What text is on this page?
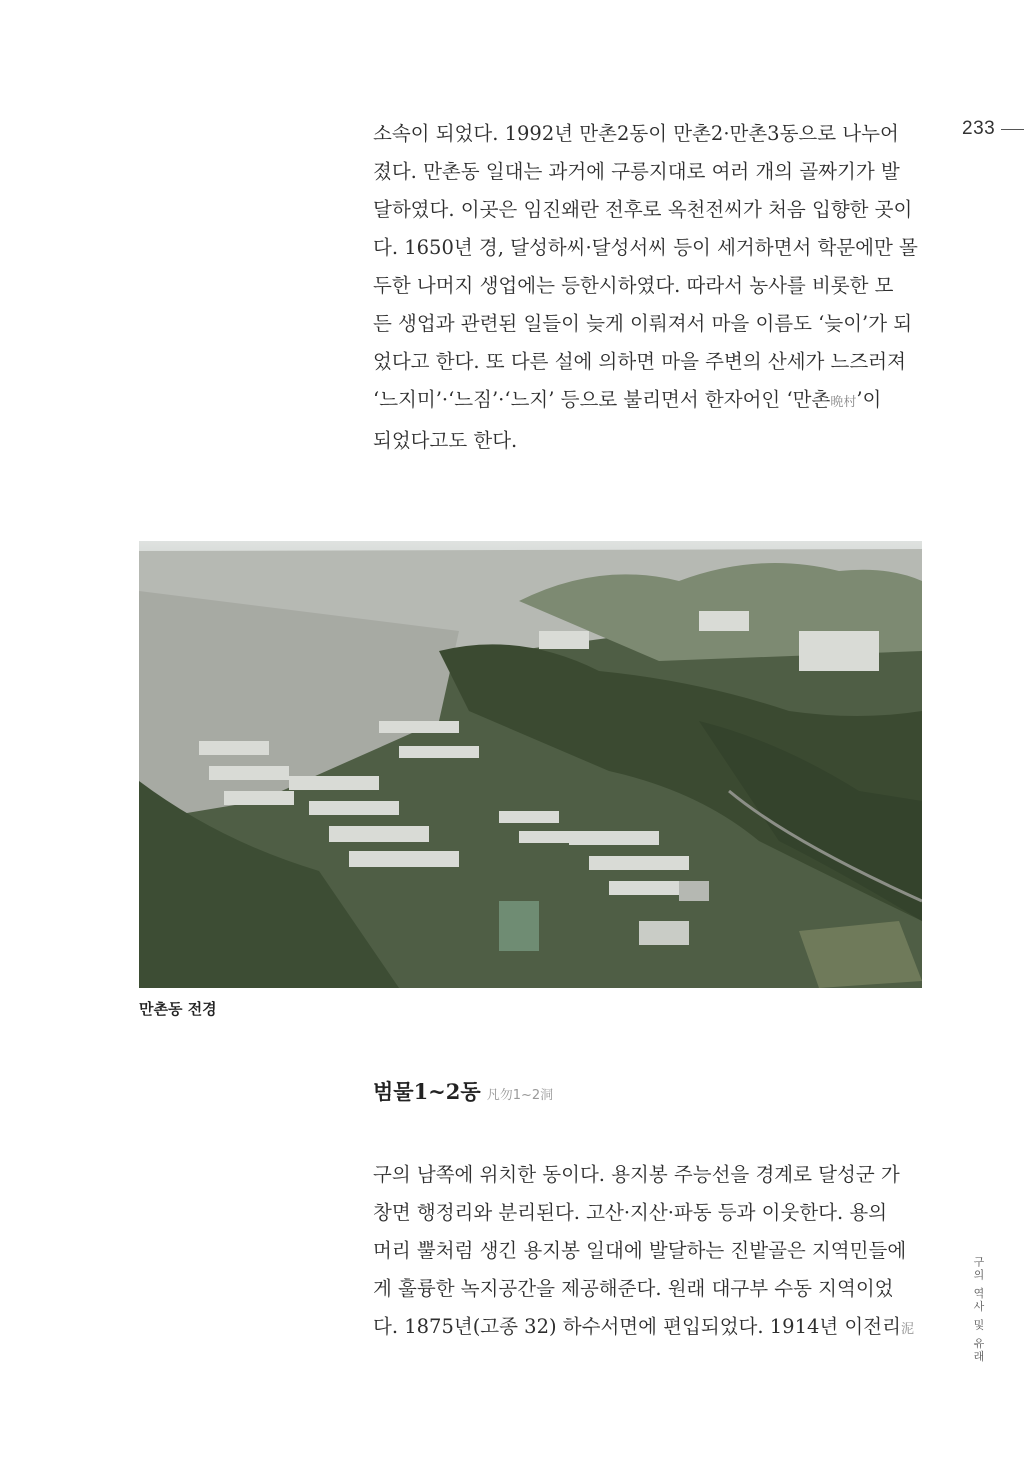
233

소속이 되었다. 1992년 만촌2동이 만촌2·만촌3동으로 나누어

졌다. 만촌동 일대는 과거에 구릉지대로 여러 개의 골짜기가 발

달하였다. 이곳은 임진왜란 전후로 옥천전씨가 처음 입향한 곳이

다. 1650년 경, 달성하씨·달성서씨 등이 세거하면서 학문에만 몰

두한 나머지 생업에는 등한시하였다. 따라서 농사를 비롯한 모

든 생업과 관련된 일들이 늦게 이뤄져서 마을 이름도 ‘늦이’가 되

었다고 한다. 또 다른 설에 의하면 마을 주변의 산세가 느즈러져

‘느지미’·‘느짐’·‘느지’ 등으로 불리면서 한자어인 ‘만촌晩村’이

되었다고도 한다.

만촌동 전경
범물1~2동 凡勿1~2洞

구의 남쪽에 위치한 동이다. 용지봉 주능선을 경계로 달성군 가

창면 행정리와 분리된다. 고산·지산·파동 등과 이웃한다. 용의

머리 뿔처럼 생긴 용지봉 일대에 발달하는 진밭골은 지역민들에

게 훌륭한 녹지공간을 제공해준다. 원래 대구부 수동 지역이었

다. 1875년(고종 32) 하수서면에 편입되었다. 1914년 이전리泥	구의 역사 및 유래
